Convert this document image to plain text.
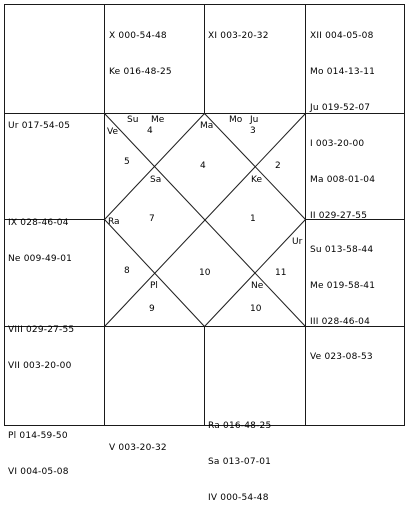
Ur 017-54-05

X 000-54-48

Ke 016-48-25

XI 003-20-32

	XII 004-05-08

Mo 014-13-11

Ju 019-52-07

IX 028-46-04

Ne 009-49-01

I 003-20-00

Ma 008-01-04

II 029-27-55

VIII 029-27-55

VII 003-20-00

Su 013-58-44

Me 019-58-41

III 028-46-04

Pl 014-59-50

VI 004-05-08

V 003-20-32

Ra 016-48-25

Sa 013-07-01

IV 000-54-48

Ve 023-08-53

Su Me
Ve
Ma
Mo Ju
Sa	Ke
Ra
Ur
Pl	Ne
4	3
5	4	2
7	1
8	10	11
9	10
